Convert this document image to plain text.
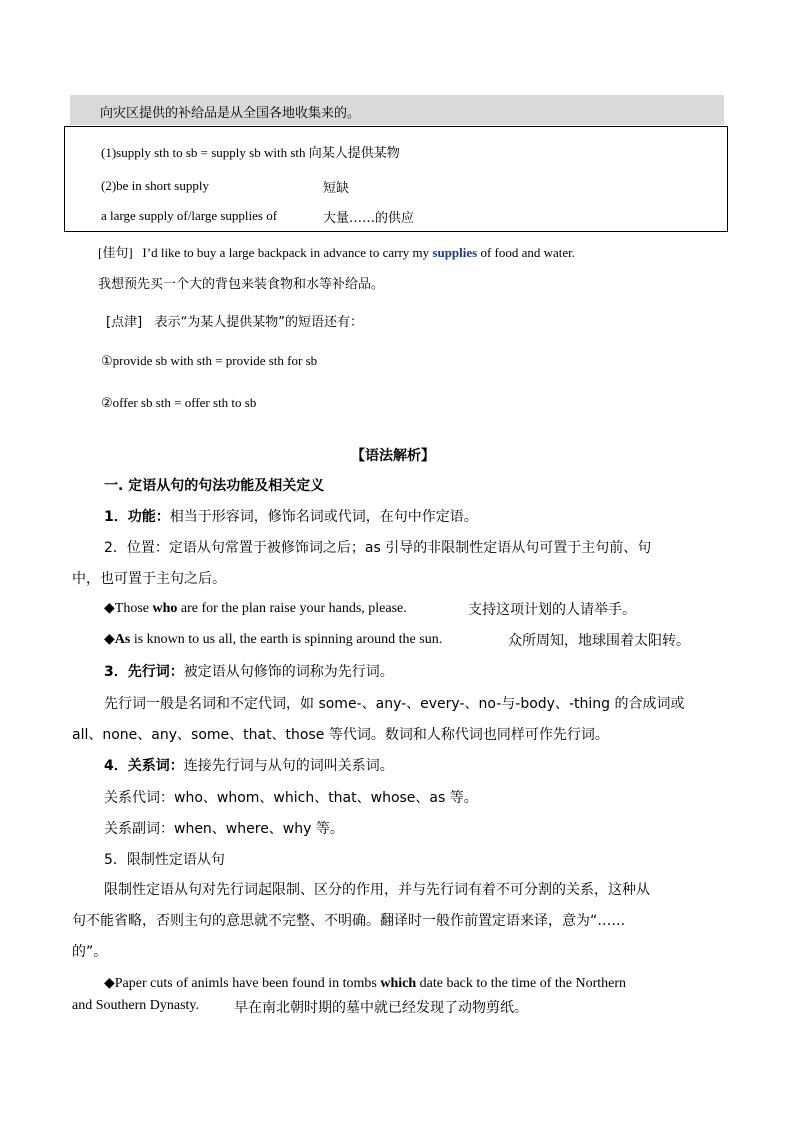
向灾区提供的补给品是从全国各地收集来的。
(1)supply sth to sb = supply sb with sth 向某人提供某物
(2)be in short supply	短缺
a large supply of/large supplies of	大量……的供应
[佳句] I’d like to buy a large backpack in advance to carry my supplies of food and water.
我想预先买一个大的背包来装食物和水等补给品。
[点津] 表示“为某人提供某物”的短语还有：
①provide sb with sth = provide sth for sb
②offer sb sth = offer sth to sb
【语法解析】
一. 定语从句的句法功能及相关定义
1．功能：相当于形容词，修饰名词或代词，在句中作定语。
2．位置：定语从句常置于被修饰词之后；as 引导的非限制性定语从句可置于主句前、句
中，也可置于主句之后。
◆Those who are for the plan raise your hands, please.	支持这项计划的人请举手。
◆As is known to us all, the earth is spinning around the sun.	众所周知，地球围着太阳转。
3．先行词：被定语从句修饰的词称为先行词。
先行词一般是名词和不定代词，如 some-、any-、every-、no-与-body、-thing 的合成词或
all、none、any、some、that、those 等代词。数词和人称代词也同样可作先行词。
4．关系词：连接先行词与从句的词叫关系词。
关系代词：who、whom、which、that、whose、as 等。
关系副词：when、where、why 等。
5．限制性定语从句
限制性定语从句对先行词起限制、区分的作用，并与先行词有着不可分割的关系，这种从
句不能省略，否则主句的意思就不完整、不明确。翻译时一般作前置定语来译，意为“……
的”。
◆Paper cuts of animls have been found in tombs which date back to the time of the Northern
and Southern Dynasty. 早在南北朝时期的墓中就已经发现了动物剪纸。
